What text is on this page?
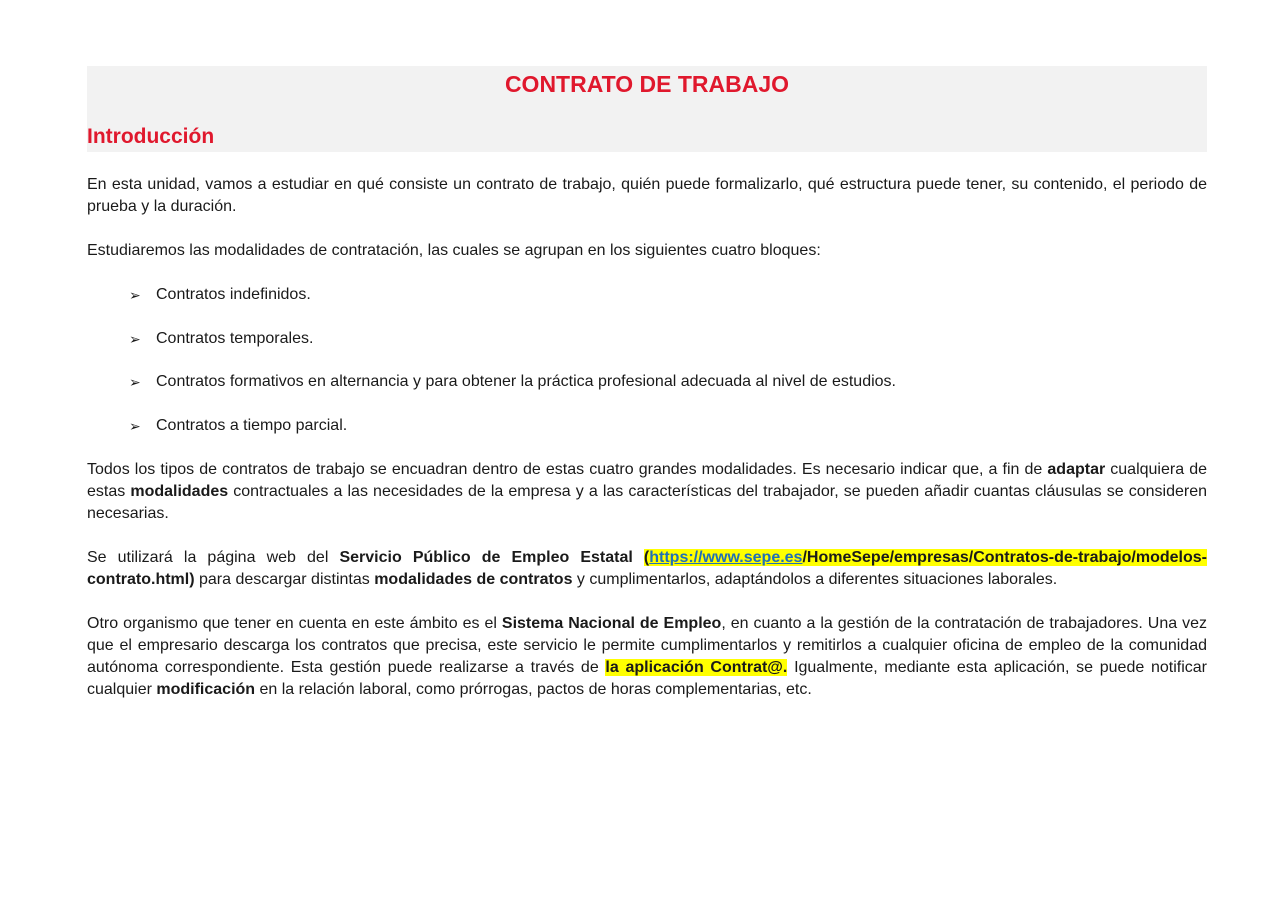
CONTRATO DE TRABAJO
Introducción

En esta unidad, vamos a estudiar en qué consiste un contrato de trabajo, quién puede formalizarlo, qué estructura puede tener, su contenido, el periodo de prueba y la duración.

Estudiaremos las modalidades de contratación, las cuales se agrupan en los siguientes cuatro bloques:

➢ Contratos indefinidos.
➢ Contratos temporales.
➢ Contratos formativos en alternancia y para obtener la práctica profesional adecuada al nivel de estudios.
➢ Contratos a tiempo parcial.

Todos los tipos de contratos de trabajo se encuadran dentro de estas cuatro grandes modalidades. Es necesario indicar que, a fin de adaptar cualquiera de estas modalidades contractuales a las necesidades de la empresa y a las características del trabajador, se pueden añadir cuantas cláusulas se consideren necesarias.

Se utilizará la página web del Servicio Público de Empleo Estatal (https://www.sepe.es/HomeSepe/empresas/Contratos-de-trabajo/modelos- contrato.html) para descargar distintas modalidades de contratos y cumplimentarlos, adaptándolos a diferentes situaciones laborales.

Otro organismo que tener en cuenta en este ámbito es el Sistema Nacional de Empleo, en cuanto a la gestión de la contratación de trabajadores. Una vez que el empresario descarga los contratos que precisa, este servicio le permite cumplimentarlos y remitirlos a cualquier oficina de empleo de la comunidad autónoma correspondiente. Esta gestión puede realizarse a través de la aplicación Contrat@. Igualmente, mediante esta aplicación, se puede notificar cualquier modificación en la relación laboral, como prórrogas, pactos de horas complementarias, etc.
